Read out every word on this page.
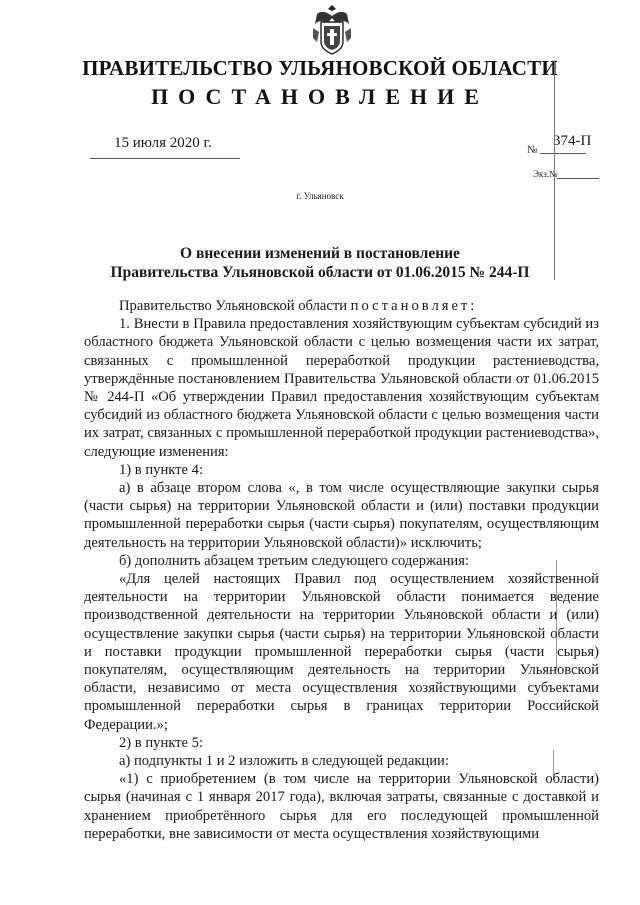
ПРАВИТЕЛЬСТВО УЛЬЯНОВСКОЙ ОБЛАСТИ
ПОСТАНОВЛЕНИЕ
15 июля 2020 г.	№
374-П
Экз.№
г. Ульяновск
О внесении изменений в постановление
Правительства Ульяновской области от 01.06.2015 № 244-П

Правительство Ульяновской области постановляет:

1. Внести в Правила предоставления хозяйствующим субъектам субсидий из областного бюджета Ульяновской области с целью возмещения части их затрат, связанных с промышленной переработкой продукции растениеводства, утверждённые постановлением Правительства Ульяновской области от 01.06.2015 № 244-П «Об утверждении Правил предоставления хозяйствующим субъектам субсидий из областного бюджета Ульяновской области с целью возмещения части их затрат, связанных с промышленной переработкой продукции растениеводства», следующие изменения:

1) в пункте 4:

а) в абзаце втором слова «, в том числе осуществляющие закупки сырья (части сырья) на территории Ульяновской области и (или) поставки продукции промышленной переработки сырья (части сырья) покупателям, осуществляющим деятельность на территории Ульяновской области)» исключить;

б) дополнить абзацем третьим следующего содержания:

«Для целей настоящих Правил под осуществлением хозяйственной деятельности на территории Ульяновской области понимается ведение производственной деятельности на территории Ульяновской области и (или) осуществление закупки сырья (части сырья) на территории Ульяновской области и поставки продукции промышленной переработки сырья (части сырья) покупателям, осуществляющим деятельность на территории Ульяновской области, независимо от места осуществления хозяйствующими субъектами промышленной переработки сырья в границах территории Российской Федерации.»;

2) в пункте 5:

а) подпункты 1 и 2 изложить в следующей редакции:

«1) с приобретением (в том числе на территории Ульяновской области) сырья (начиная с 1 января 2017 года), включая затраты, связанные с доставкой и хранением приобретённого сырья для его последующей промышленной переработки, вне зависимости от места осуществления хозяйствующими
